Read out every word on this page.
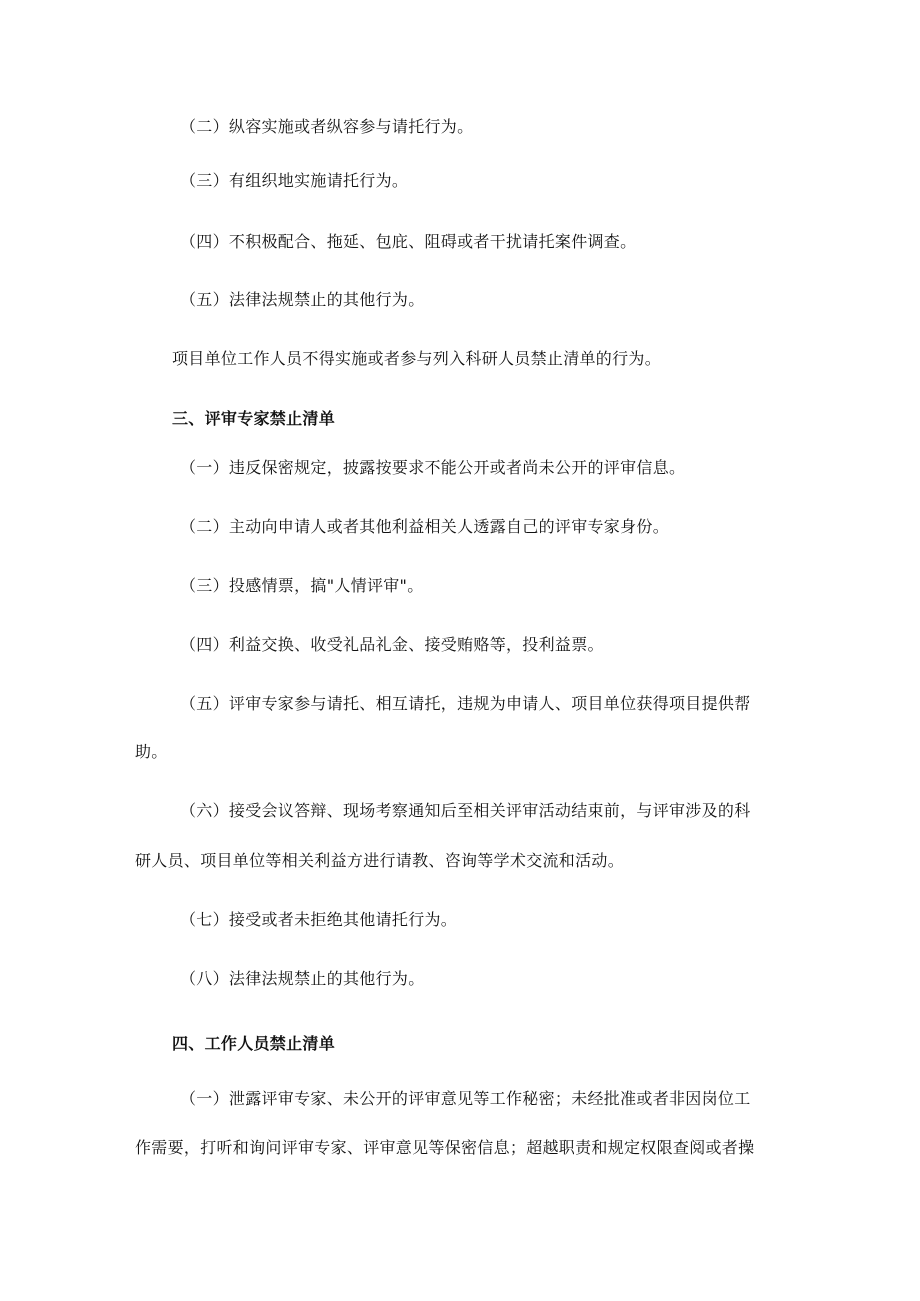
（二）纵容实施或者纵容参与请托行为。
（三）有组织地实施请托行为。
（四）不积极配合、拖延、包庇、阻碍或者干扰请托案件调查。
（五）法律法规禁止的其他行为。
项目单位工作人员不得实施或者参与列入科研人员禁止清单的行为。
三、评审专家禁止清单
（一）违反保密规定，披露按要求不能公开或者尚未公开的评审信息。
（二）主动向申请人或者其他利益相关人透露自己的评审专家身份。
（三）投感情票，搞"人情评审"。
（四）利益交换、收受礼品礼金、接受贿赂等，投利益票。
（五）评审专家参与请托、相互请托，违规为申请人、项目单位获得项目提供帮
助。
（六）接受会议答辩、现场考察通知后至相关评审活动结束前，与评审涉及的科
研人员、项目单位等相关利益方进行请教、咨询等学术交流和活动。
（七）接受或者未拒绝其他请托行为。
（八）法律法规禁止的其他行为。
四、工作人员禁止清单
（一）泄露评审专家、未公开的评审意见等工作秘密；未经批准或者非因岗位工
作需要，打听和询问评审专家、评审意见等保密信息；超越职责和规定权限查阅或者操
